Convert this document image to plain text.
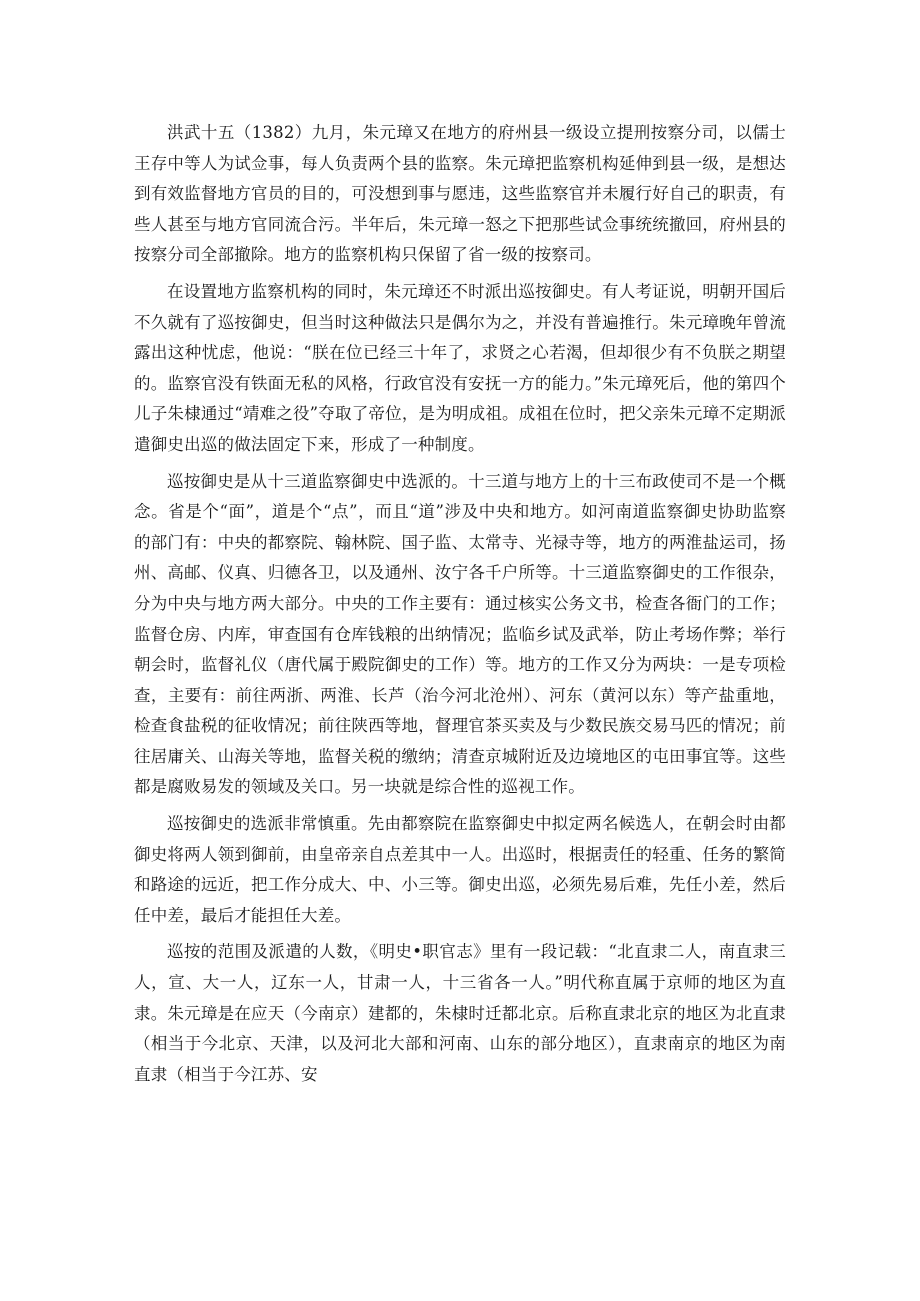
洪武十五（1382）九月，朱元璋又在地方的府州县一级设立提刑按察分司，以儒士王存中等人为试佥事，每人负责两个县的监察。朱元璋把监察机构延伸到县一级，是想达到有效监督地方官员的目的，可没想到事与愿违，这些监察官并未履行好自己的职责，有些人甚至与地方官同流合污。半年后，朱元璋一怒之下把那些试佥事统统撤回，府州县的按察分司全部撤除。地方的监察机构只保留了省一级的按察司。

在设置地方监察机构的同时，朱元璋还不时派出巡按御史。有人考证说，明朝开国后不久就有了巡按御史，但当时这种做法只是偶尔为之，并没有普遍推行。朱元璋晚年曾流露出这种忧虑，他说：“朕在位已经三十年了，求贤之心若渴，但却很少有不负朕之期望的。监察官没有铁面无私的风格，行政官没有安抚一方的能力。”朱元璋死后，他的第四个儿子朱棣通过“靖难之役”夺取了帝位，是为明成祖。成祖在位时，把父亲朱元璋不定期派遣御史出巡的做法固定下来，形成了一种制度。

巡按御史是从十三道监察御史中选派的。十三道与地方上的十三布政使司不是一个概念。省是个“面”，道是个“点”，而且“道”涉及中央和地方。如河南道监察御史协助监察的部门有：中央的都察院、翰林院、国子监、太常寺、光禄寺等，地方的两淮盐运司，扬州、高邮、仪真、归德各卫，以及通州、汝宁各千户所等。十三道监察御史的工作很杂，分为中央与地方两大部分。中央的工作主要有：通过核实公务文书，检查各衙门的工作；监督仓房、内库，审查国有仓库钱粮的出纳情况；监临乡试及武举，防止考场作弊；举行朝会时，监督礼仪（唐代属于殿院御史的工作）等。地方的工作又分为两块：一是专项检查，主要有：前往两浙、两淮、长芦（治今河北沧州）、河东（黄河以东）等产盐重地，检查食盐税的征收情况；前往陕西等地，督理官茶买卖及与少数民族交易马匹的情况；前往居庸关、山海关等地，监督关税的缴纳；清查京城附近及边境地区的屯田事宜等。这些都是腐败易发的领域及关口。另一块就是综合性的巡视工作。

巡按御史的选派非常慎重。先由都察院在监察御史中拟定两名候选人，在朝会时由都御史将两人领到御前，由皇帝亲自点差其中一人。出巡时，根据责任的轻重、任务的繁简和路途的远近，把工作分成大、中、小三等。御史出巡，必须先易后难，先任小差，然后任中差，最后才能担任大差。

巡按的范围及派遣的人数，《明史•职官志》里有一段记载：“北直隶二人，南直隶三人，宣、大一人，辽东一人，甘肃一人，十三省各一人。”明代称直属于京师的地区为直隶。朱元璋是在应天（今南京）建都的，朱棣时迁都北京。后称直隶北京的地区为北直隶（相当于今北京、天津，以及河北大部和河南、山东的部分地区），直隶南京的地区为南直隶（相当于今江苏、安
